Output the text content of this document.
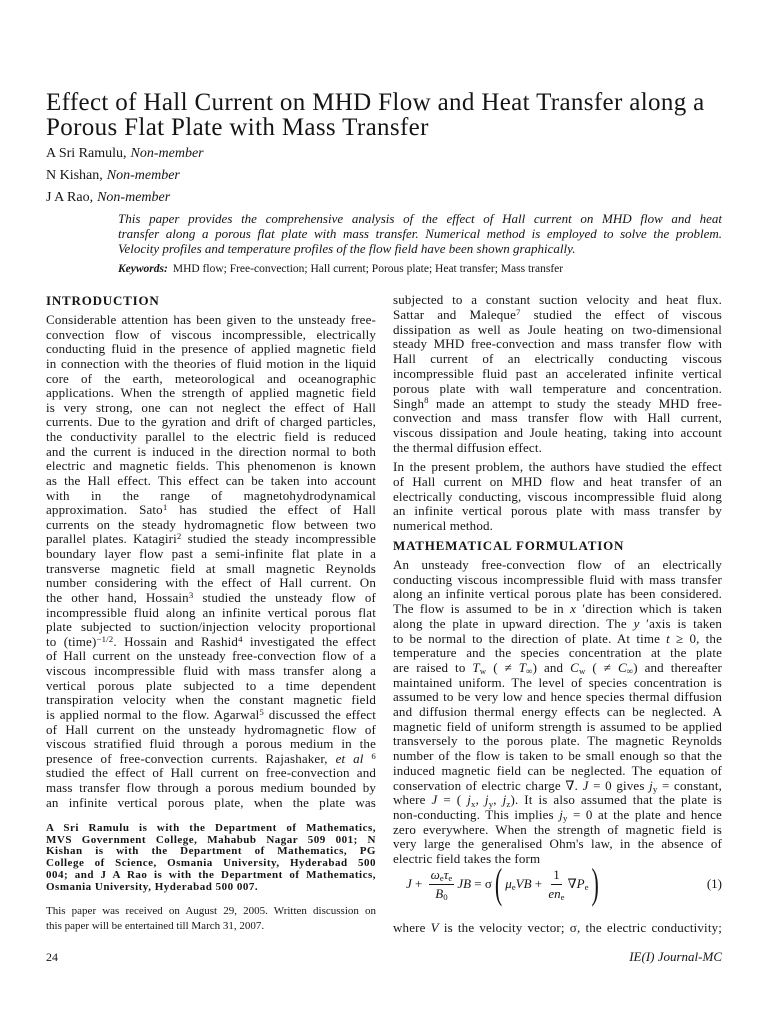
Effect of Hall Current on MHD Flow and Heat Transfer along a
Porous Flat Plate with Mass Transfer
A Sri Ramulu, Non-member
N Kishan, Non-member
J A Rao, Non-member
This paper provides the comprehensive analysis of the effect of Hall current on MHD flow and heat
transfer along a porous flat plate with mass transfer. Numerical method is employed to solve the problem.
Velocity profiles and temperature profiles of the flow field have been shown graphically.
Keywords: MHD flow; Free-convection; Hall current; Porous plate; Heat transfer; Mass transfer
INTRODUCTION
Considerable attention has been given to the unsteady free-
convection flow of viscous incompressible, electrically
conducting fluid in the presence of applied magnetic field
in connection with the theories of fluid motion in the liquid
core of the earth, meteorological and oceanographic
applications. When the strength of applied magnetic field
is very strong, one can not neglect the effect of Hall
currents. Due to the gyration and drift of charged particles,
the conductivity parallel to the electric field is reduced
and the current is induced in the direction normal to both
electric and magnetic fields. This phenomenon is known
as the Hall effect. This effect can be taken into account
with in the range of magnetohydrodynamical
approximation. Sato$^1$ has studied the effect of Hall
currents on the steady hydromagnetic flow between two
parallel plates. Katagiri$^2$ studied the steady incompressible
boundary layer flow past a semi-infinite flat plate in a
transverse magnetic field at small magnetic Reynolds
number considering with the effect of Hall current. On
the other hand, Hossain$^3$ studied the unsteady flow of
incompressible fluid along an infinite vertical porous flat
plate subjected to suction/injection velocity proportional
to (time)$^{-1/2}$. Hossain and Rashid$^4$ investigated the effect
of Hall current on the unsteady free-convection flow of a
viscous incompressible fluid with mass transfer along a
vertical porous plate subjected to a time dependent
transpiration velocity when the constant magnetic field
is applied normal to the flow. Agarwal$^5$ discussed the effect
of Hall current on the unsteady hydromagnetic flow of
viscous stratified fluid through a porous medium in the
presence of free-convection currents. Rajashaker, et al $^6$
studied the effect of Hall current on free-convection and
mass transfer flow through a porous medium bounded by
an infinite vertical porous plate, when the plate was
A Sri Ramulu is with the Department of Mathematics,
MVS Government College, Mahabub Nagar 509 001; N
Kishan is with the Department of Mathematics, PG
College of Science, Osmania University, Hyderabad 500
004; and J A Rao is with the Department of Mathematics,
Osmania University, Hyderabad 500 007.
This paper was received on August 29, 2005. Written discussion on
this paper will be entertained till March 31, 2007.
subjected to a constant suction velocity and heat flux.
Sattar and Maleque$^7$ studied the effect of viscous
dissipation as well as Joule heating on two-dimensional
steady MHD free-convection and mass transfer flow with
Hall current of an electrically conducting viscous
incompressible fluid past an accelerated infinite vertical
porous plate with wall temperature and concentration.
Singh$^8$ made an attempt to study the steady MHD free-
convection and mass transfer flow with Hall current,
viscous dissipation and Joule heating, taking into account
the thermal diffusion effect.
In the present problem, the authors have studied the effect
of Hall current on MHD flow and heat transfer of an
electrically conducting, viscous incompressible fluid along
an infinite vertical porous plate with mass transfer by
numerical method.
MATHEMATICAL FORMULATION
An unsteady free-convection flow of an electrically
conducting viscous incompressible fluid with mass transfer
along an infinite vertical porous plate has been considered.
The flow is assumed to be in x ′direction which is taken
along the plate in upward direction. The y ′axis is taken
to be normal to the direction of plate. At time t ≥ 0, the
temperature and the species concentration at the plate
are raised to $T_w$ ( ≠ $T_\infty$) and $C_w$ ( ≠ $C_\infty$) and thereafter
maintained uniform. The level of species concentration is
assumed to be very low and hence species thermal diffusion
and diffusion thermal energy effects can be neglected. A
magnetic field of uniform strength is assumed to be applied
transversely to the porous plate. The magnetic Reynolds
number of the flow is taken to be small enough so that the
induced magnetic field can be neglected. The equation of
conservation of electric charge ∇. J = 0 gives $j_y$ = constant,
where J = ( $j_x$, $j_y$, $j_z$). It is also assumed that the plate is
non-conducting. This implies $j_y = 0$ at the plate and hence
zero everywhere. When the strength of magnetic field is
very large the generalised Ohm's law, in the absence of
electric field takes the form
$J + \frac{\omega_e\tau_e}{B_0}$ JB = σ ( $\mu_eVB + \frac{1}{en_e} \nabla P_e$ )	(1)
where V is the velocity vector; σ, the electric conductivity;
24	IE(I) Journal-MC
